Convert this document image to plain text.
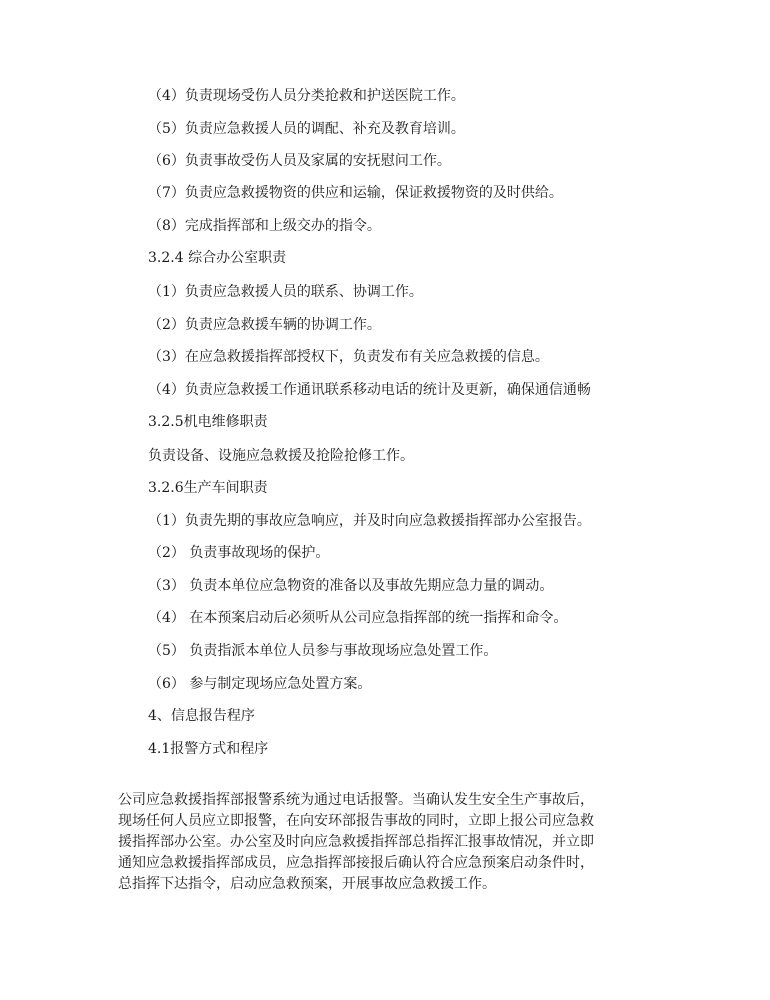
（4）负责现场受伤人员分类抢救和护送医院工作。
（5）负责应急救援人员的调配、补充及教育培训。
（6）负责事故受伤人员及家属的安抚慰问工作。
（7）负责应急救援物资的供应和运输，保证救援物资的及时供给。
（8）完成指挥部和上级交办的指令。
3.2.4 综合办公室职责
（1）负责应急救援人员的联系、协调工作。
（2）负责应急救援车辆的协调工作。
（3）在应急救援指挥部授权下，负责发布有关应急救援的信息。
（4）负责应急救援工作通讯联系移动电话的统计及更新，确保通信通畅
3.2.5机电维修职责
负责设备、设施应急救援及抢险抢修工作。
3.2.6生产车间职责
（1）负责先期的事故应急响应，并及时向应急救援指挥部办公室报告。
（2） 负责事故现场的保护。
（3） 负责本单位应急物资的准备以及事故先期应急力量的调动。
（4） 在本预案启动后必须听从公司应急指挥部的统一指挥和命令。
（5） 负责指派本单位人员参与事故现场应急处置工作。
（6） 参与制定现场应急处置方案。
4、信息报告程序
4.1报警方式和程序
公司应急救援指挥部报警系统为通过电话报警。当确认发生安全生产事故后，
现场任何人员应立即报警，在向安环部报告事故的同时，立即上报公司应急救
援指挥部办公室。办公室及时向应急救援指挥部总指挥汇报事故情况，并立即
通知应急救援指挥部成员，应急指挥部接报后确认符合应急预案启动条件时，
总指挥下达指令，启动应急救预案，开展事故应急救援工作。
